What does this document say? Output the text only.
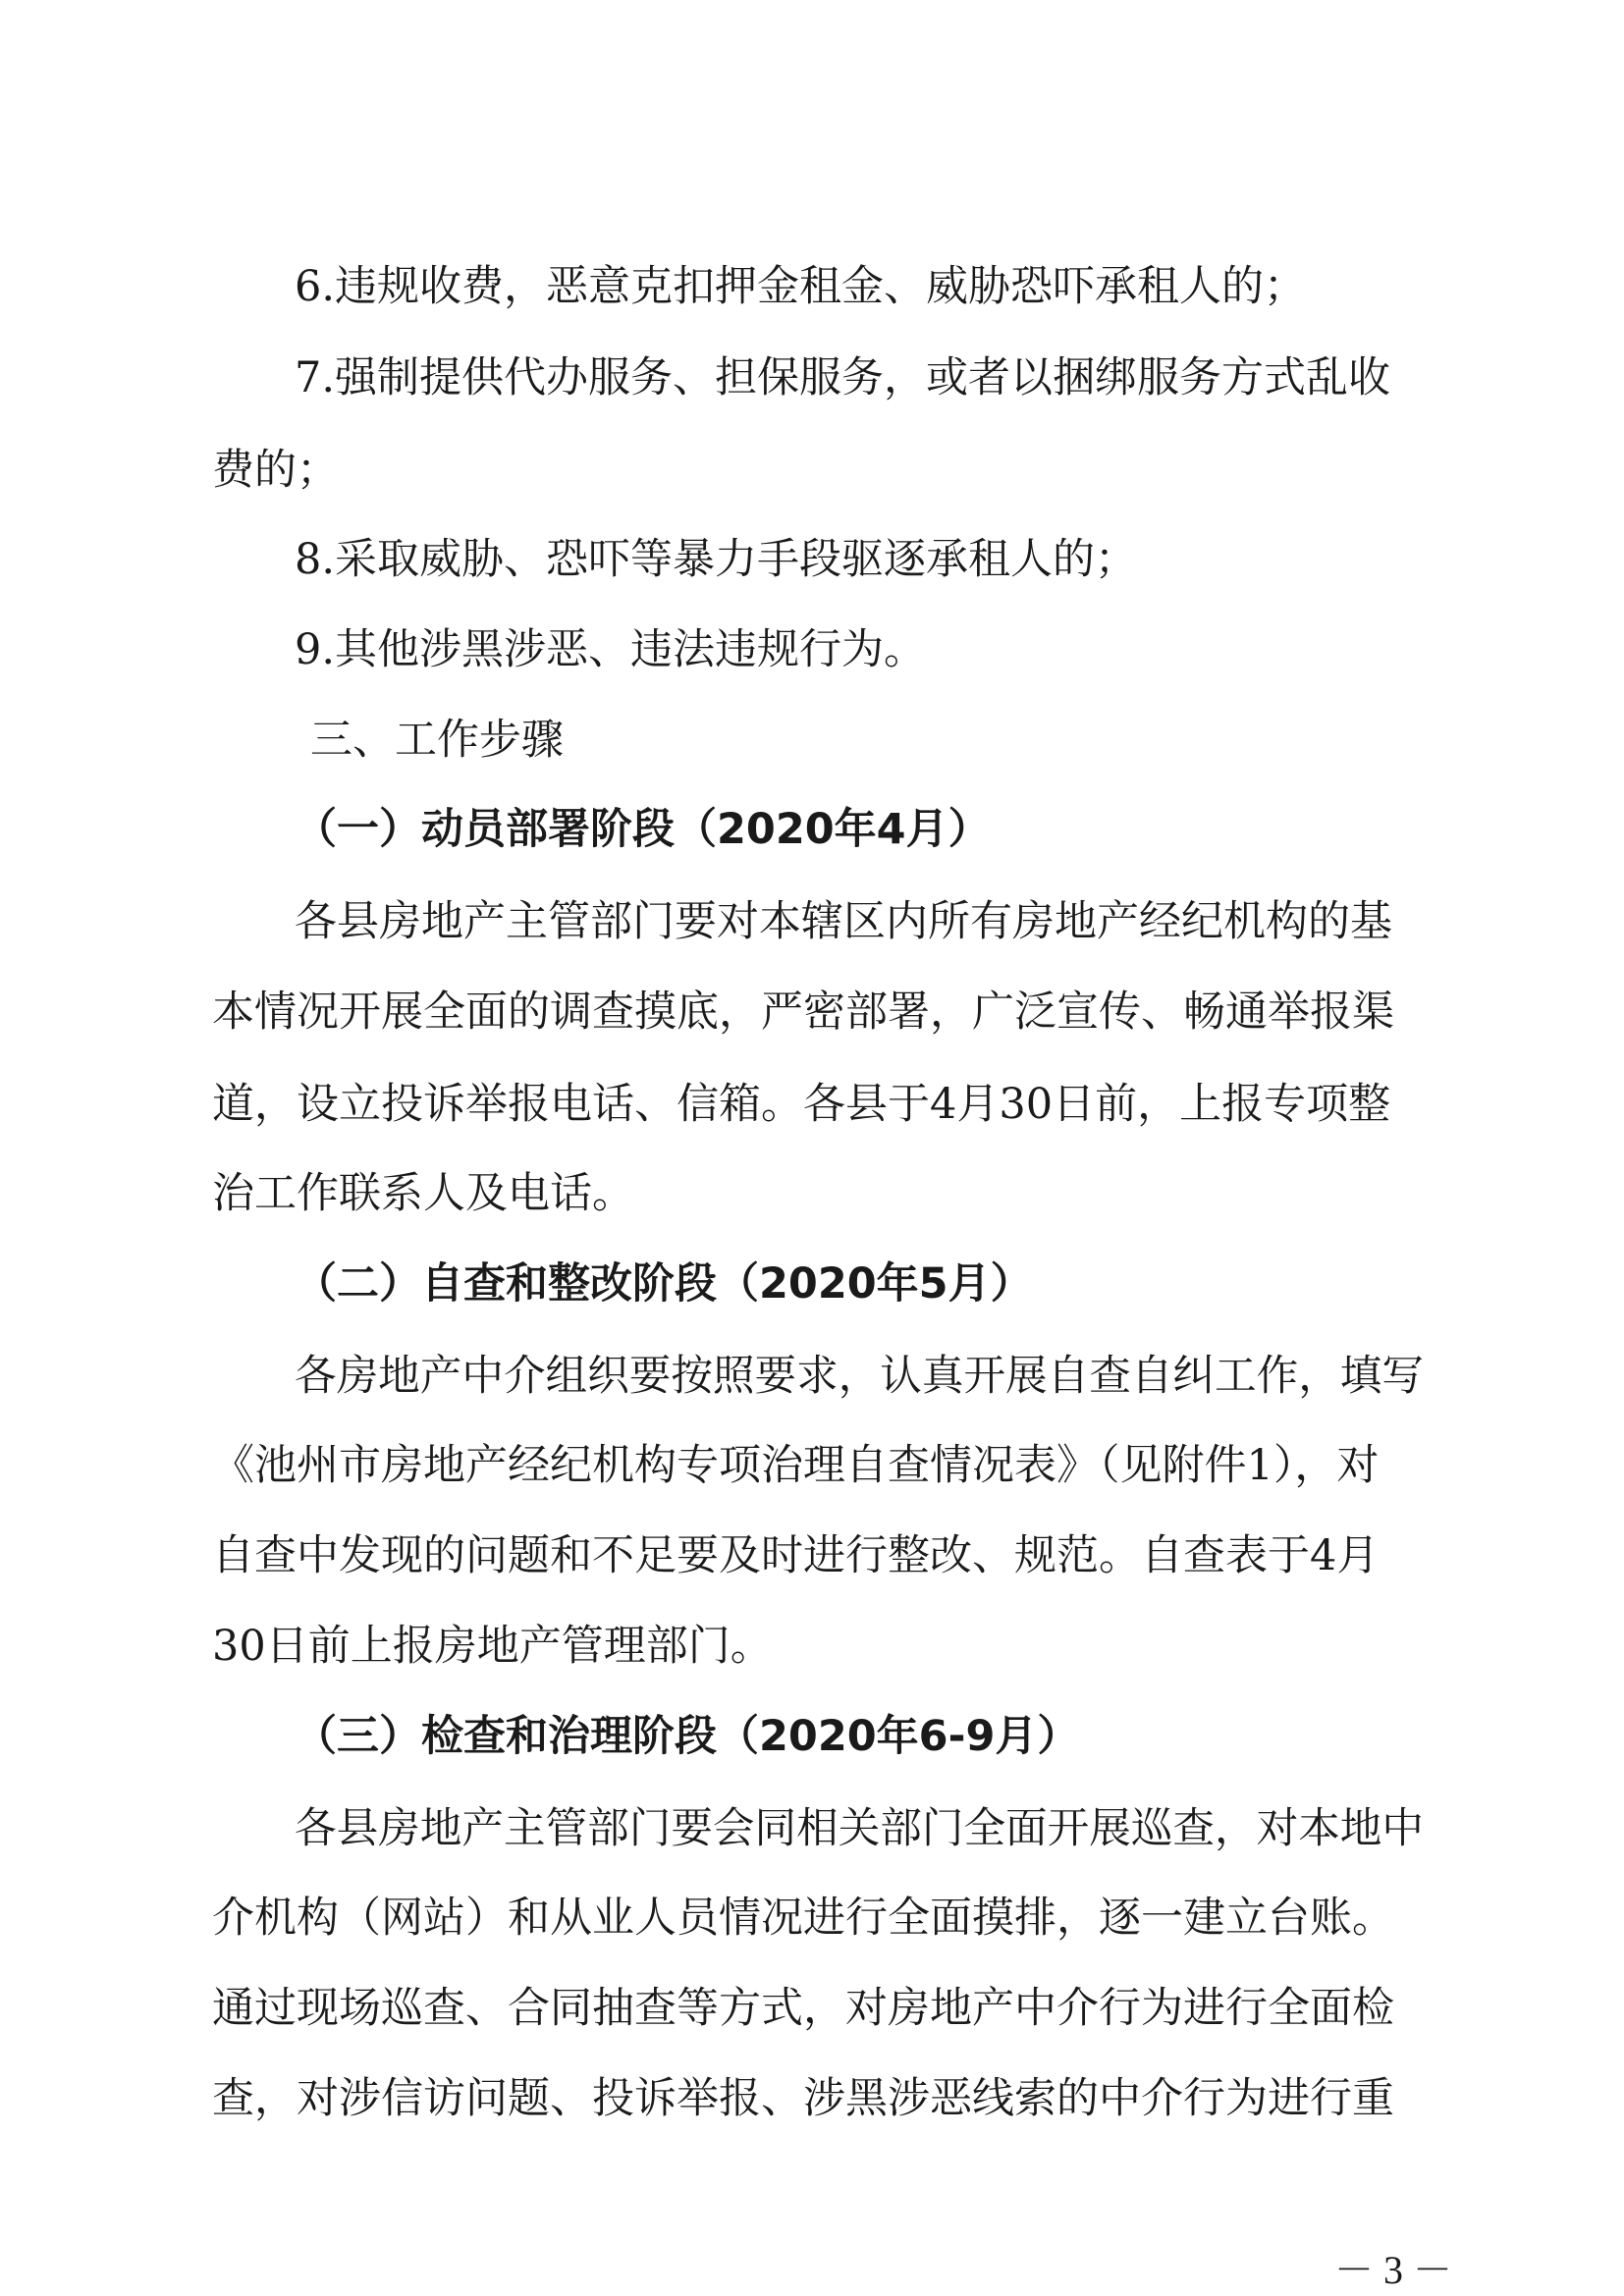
6.违规收费，恶意克扣押金租金、威胁恐吓承租人的；
7.强制提供代办服务、担保服务，或者以捆绑服务方式乱收
费的；
8.采取威胁、恐吓等暴力手段驱逐承租人的；
9.其他涉黑涉恶、违法违规行为。
三、工作步骤
（一）动员部署阶段（2020年4月）
各县房地产主管部门要对本辖区内所有房地产经纪机构的基
本情况开展全面的调查摸底，严密部署，广泛宣传、畅通举报渠
道，设立投诉举报电话、信箱。各县于4月30日前，上报专项整
治工作联系人及电话。
（二）自查和整改阶段（2020年5月）
各房地产中介组织要按照要求，认真开展自查自纠工作，填写
《池州市房地产经纪机构专项治理自查情况表》（见附件1），对
自查中发现的问题和不足要及时进行整改、规范。自查表于4月
30日前上报房地产管理部门。
（三）检查和治理阶段（2020年6-9月）
各县房地产主管部门要会同相关部门全面开展巡查，对本地中
介机构（网站）和从业人员情况进行全面摸排，逐一建立台账。
通过现场巡查、合同抽查等方式，对房地产中介行为进行全面检
查，对涉信访问题、投诉举报、涉黑涉恶线索的中介行为进行重
－ 3 －
